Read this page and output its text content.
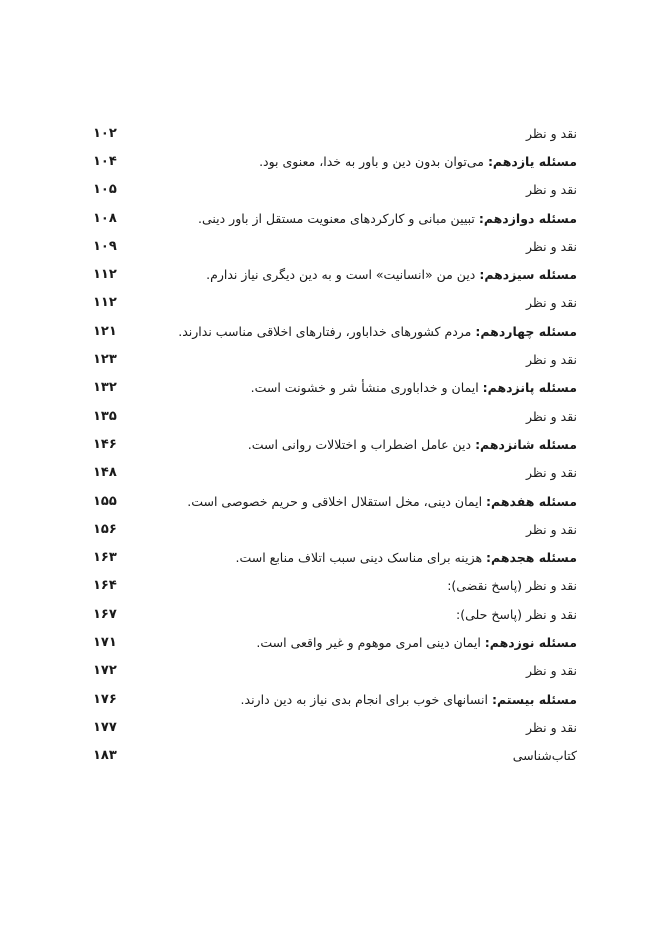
نقد و نظر
۱۰۲
مسئله یازدهم: می‌توان بدون دین و باور به خدا، معنوی بود.
۱۰۴
نقد و نظر
۱۰۵
مسئله دوازدهم: تبیین مبانی و کارکردهای معنویت مستقل از باور دینی.
۱۰۸
نقد و نظر
۱۰۹
مسئله سیزدهم: دین من «انسانیت» است و به دین دیگری نیاز ندارم.
۱۱۲
نقد و نظر
۱۱۲
مسئله چهاردهم: مردم کشورهای خداباور، رفتارهای اخلاقی مناسب ندارند.
۱۲۱
نقد و نظر
۱۲۳
مسئله پانزدهم: ایمان و خداباوری منشأ شر و خشونت است.
۱۳۲
نقد و نظر
۱۳۵
مسئله شانزدهم: دین عامل اضطراب و اختلالات روانی است.
۱۴۶
نقد و نظر
۱۴۸
مسئله هفدهم: ایمان دینی، مخل استقلال اخلاقی و حریم خصوصی است.
۱۵۵
نقد و نظر
۱۵۶
مسئله هجدهم: هزینه برای مناسک دینی سبب اتلاف منابع است.
۱۶۳
نقد و نظر (پاسخ نقضی):
۱۶۴
نقد و نظر (پاسخ حلی):
۱۶۷
مسئله نوزدهم: ایمان دینی امری موهوم و غیر واقعی است.
۱۷۱
نقد و نظر
۱۷۲
مسئله بیستم: انسانهای خوب برای انجام بدی نیاز به دین دارند.
۱۷۶
نقد و نظر
۱۷۷
کتاب‌شناسی
۱۸۳
